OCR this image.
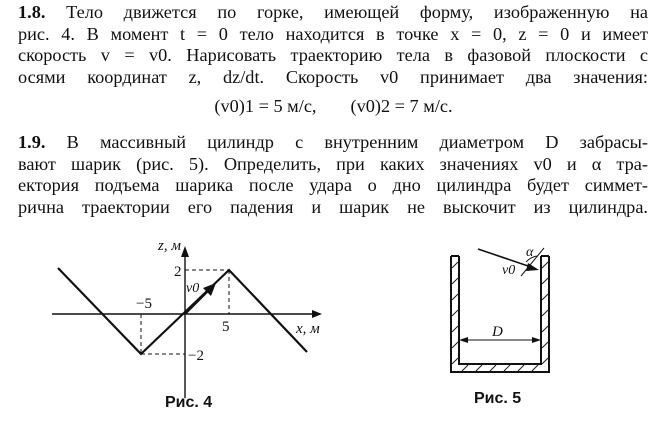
1.8. Тело движется по горке, имеющей форму, изображенную на
рис. 4. В момент t = 0 тело находится в точке x = 0, z = 0 и имеет
скорость v = v0. Нарисовать траекторию тела в фазовой плоскости с
осями координат z, dz/dt. Скорость v0 принимает два значения:
(v0)1 = 5 м/с, (v0)2 = 7 м/с.
1.9. В массивный цилиндр с внутренним диаметром D забрасы-
вают шарик (рис. 5). Определить, при каких значениях v0 и α тра-
ектория подъема шарика после удара о дно цилиндра будет симмет-
рична траектории его падения и шарик не выскочит из цилиндра.
z, м
x, м
−5
5
2
−2
v0
α
v0
D
Рис. 4	Рис. 5
